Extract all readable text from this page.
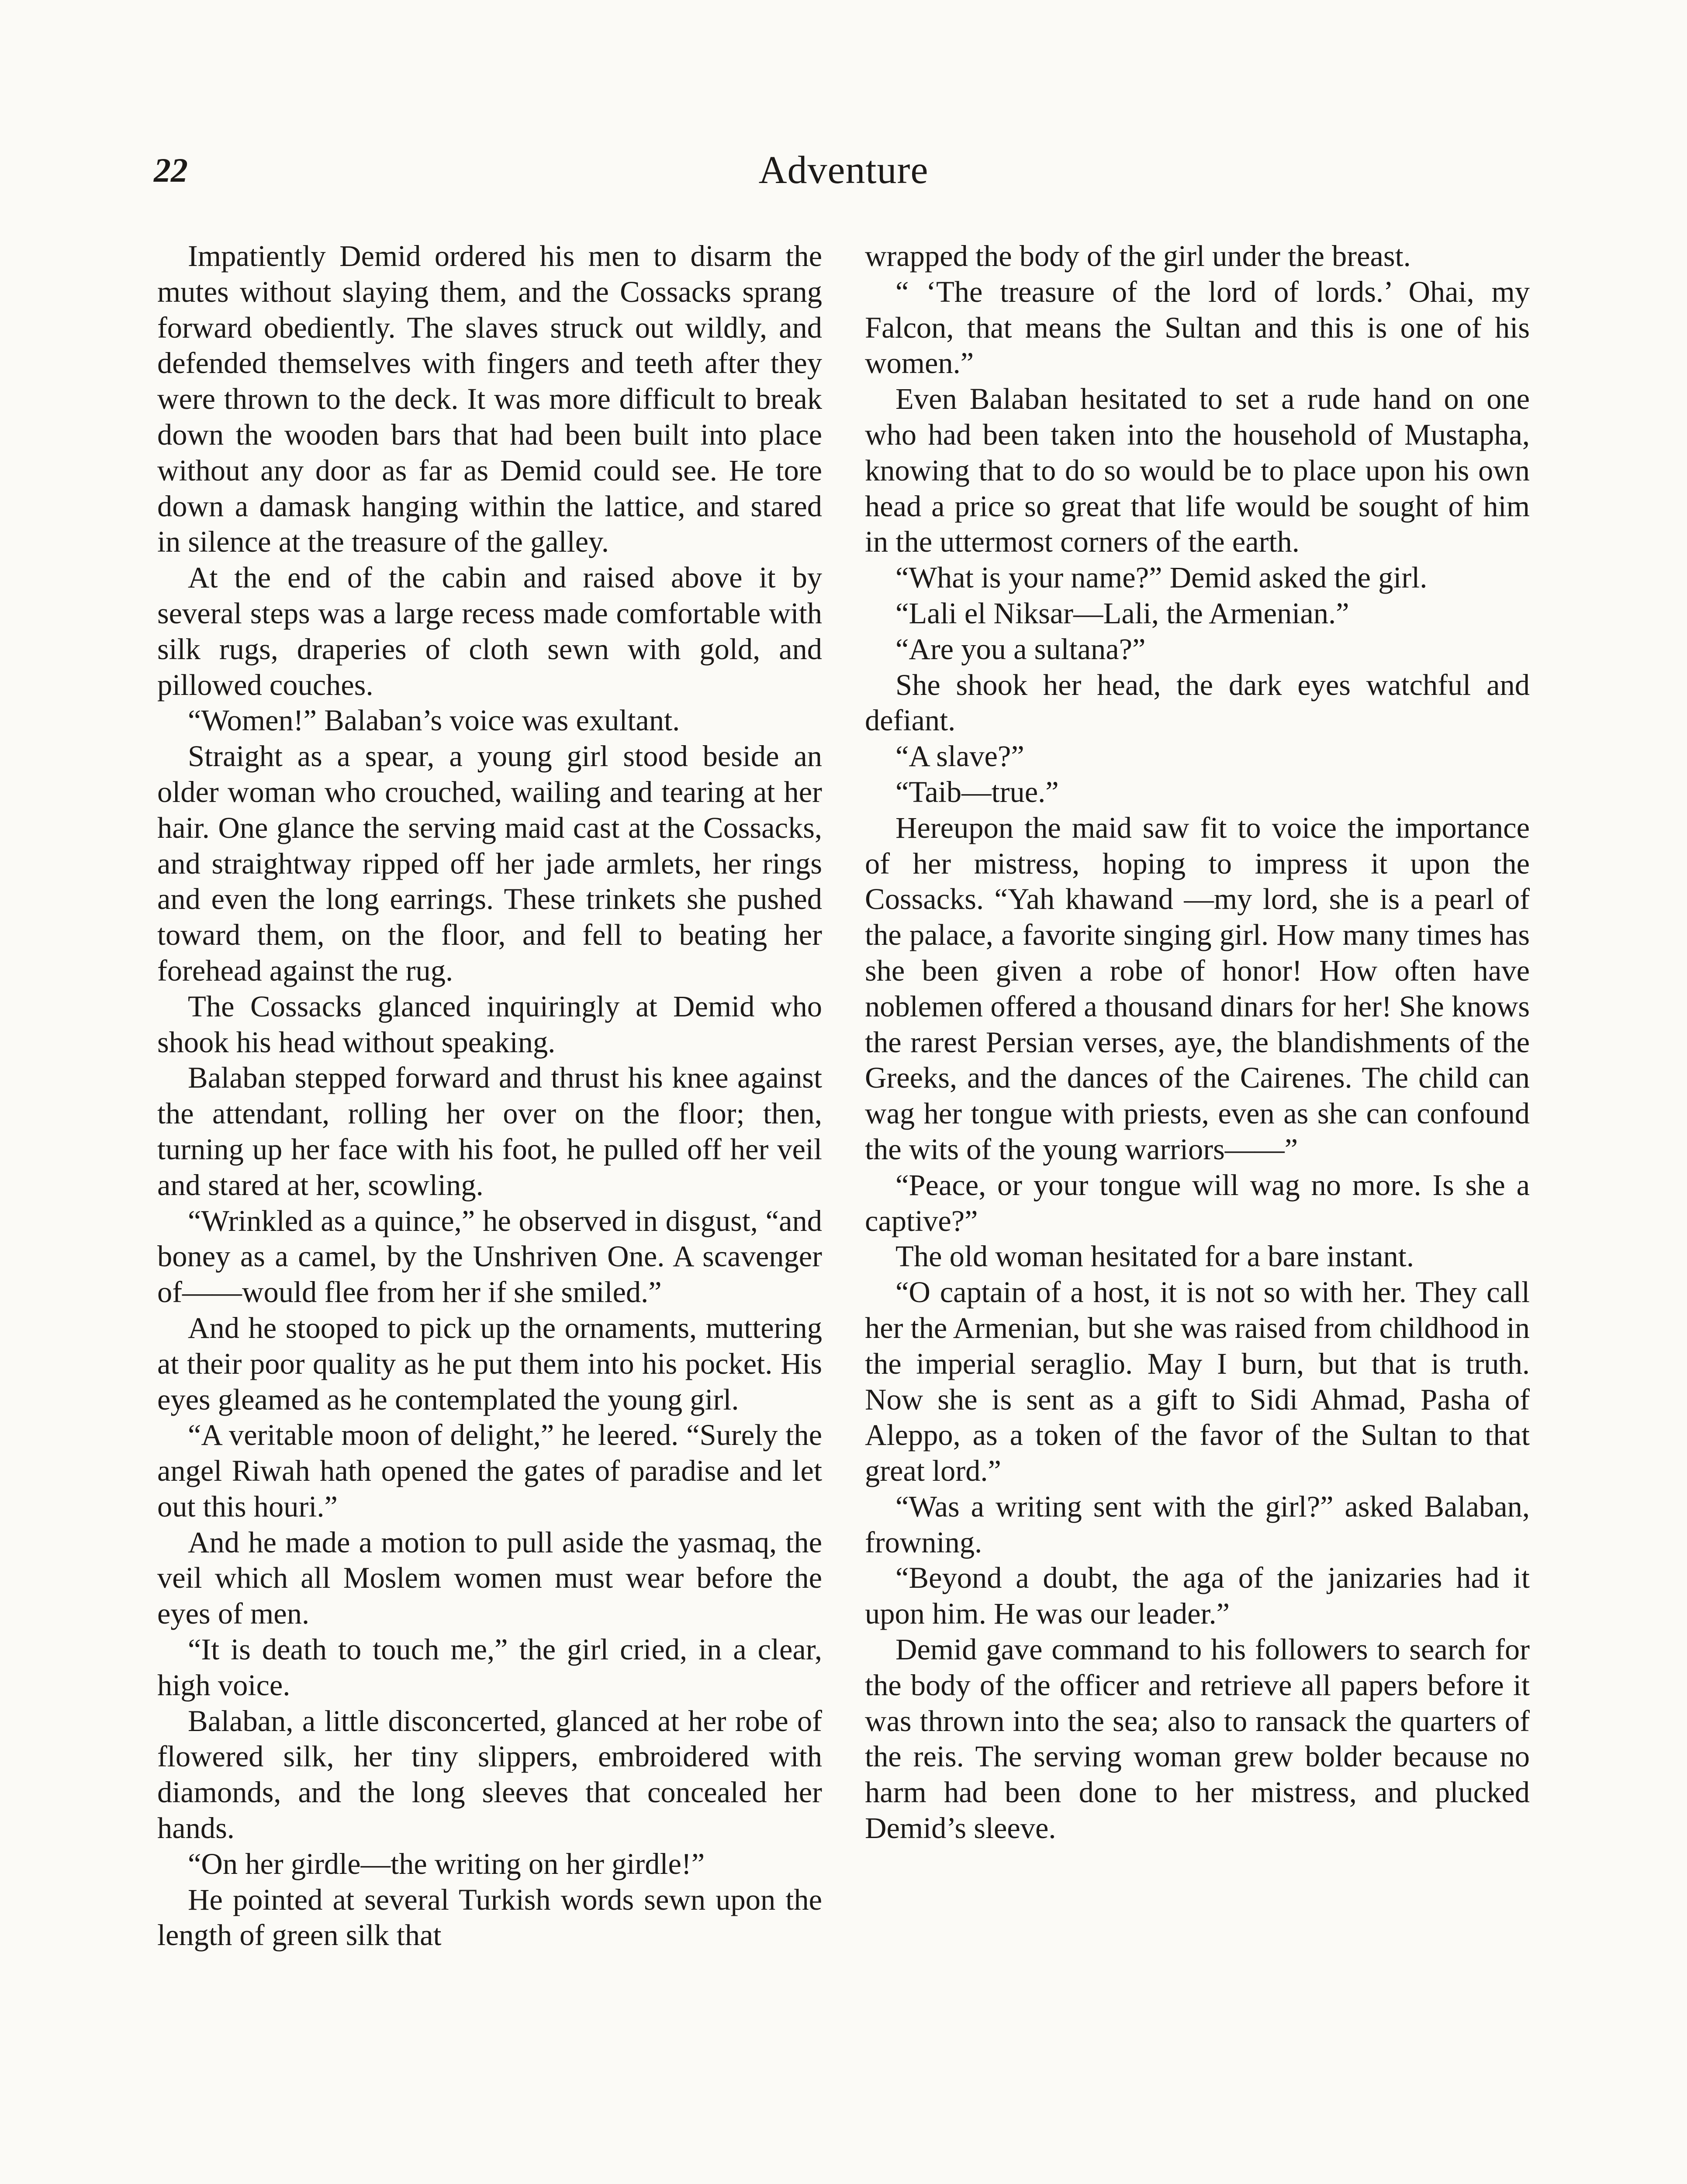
22	Adventure

Impatiently Demid ordered his men to disarm the mutes without slaying them, and the Cossacks sprang forward obediently. The slaves struck out wildly, and defended themselves with fingers and teeth after they were thrown to the deck. It was more difficult to break down the wooden bars that had been built into place without any door as far as Demid could see. He tore down a damask hanging within the lattice, and stared in silence at the treasure of the galley.

At the end of the cabin and raised above it by several steps was a large recess made comfortable with silk rugs, draperies of cloth sewn with gold, and pillowed couches.

“Women!” Balaban’s voice was exultant.

Straight as a spear, a young girl stood beside an older woman who crouched, wailing and tearing at her hair. One glance the serving maid cast at the Cossacks, and straightway ripped off her jade armlets, her rings and even the long earrings. These trinkets she pushed toward them, on the floor, and fell to beating her forehead against the rug.

The Cossacks glanced inquiringly at Demid who shook his head without speaking.

Balaban stepped forward and thrust his knee against the attendant, rolling her over on the floor; then, turning up her face with his foot, he pulled off her veil and stared at her, scowling.

“Wrinkled as a quince,” he observed in disgust, “and boney as a camel, by the Unshriven One. A scavenger of——would flee from her if she smiled.”

And he stooped to pick up the ornaments, muttering at their poor quality as he put them into his pocket. His eyes gleamed as he contemplated the young girl.

“A veritable moon of delight,” he leered. “Surely the angel Riwah hath opened the gates of paradise and let out this houri.”

And he made a motion to pull aside the yasmaq, the veil which all Moslem women must wear before the eyes of men.

“It is death to touch me,” the girl cried, in a clear, high voice.

Balaban, a little disconcerted, glanced at her robe of flowered silk, her tiny slippers, embroidered with diamonds, and the long sleeves that concealed her hands.

“On her girdle—the writing on her girdle!”

He pointed at several Turkish words sewn upon the length of green silk that

wrapped the body of the girl under the breast.

“ ‘The treasure of the lord of lords.’ Ohai, my Falcon, that means the Sultan and this is one of his women.”

Even Balaban hesitated to set a rude hand on one who had been taken into the household of Mustapha, knowing that to do so would be to place upon his own head a price so great that life would be sought of him in the uttermost corners of the earth.

“What is your name?” Demid asked the girl.

“Lali el Niksar—Lali, the Armenian.”

“Are you a sultana?”

She shook her head, the dark eyes watchful and defiant.

“A slave?”

“Taib—true.”

Hereupon the maid saw fit to voice the importance of her mistress, hoping to impress it upon the Cossacks. “Yah khawand —my lord, she is a pearl of the palace, a favorite singing girl. How many times has she been given a robe of honor! How often have noblemen offered a thousand dinars for her! She knows the rarest Persian verses, aye, the blandishments of the Greeks, and the dances of the Cairenes. The child can wag her tongue with priests, even as she can confound the wits of the young warriors——”

“Peace, or your tongue will wag no more. Is she a captive?”

The old woman hesitated for a bare instant.

“O captain of a host, it is not so with her. They call her the Armenian, but she was raised from childhood in the imperial seraglio. May I burn, but that is truth. Now she is sent as a gift to Sidi Ahmad, Pasha of Aleppo, as a token of the favor of the Sultan to that great lord.”

“Was a writing sent with the girl?” asked Balaban, frowning.

“Beyond a doubt, the aga of the janizaries had it upon him. He was our leader.”

Demid gave command to his followers to search for the body of the officer and retrieve all papers before it was thrown into the sea; also to ransack the quarters of the reis. The serving woman grew bolder because no harm had been done to her mistress, and plucked Demid’s sleeve.
